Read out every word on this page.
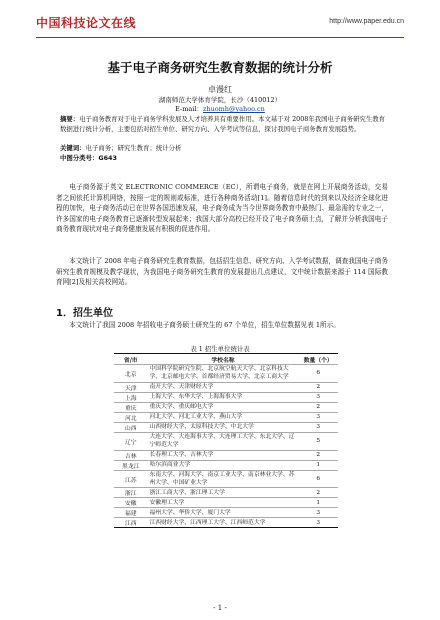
中国科技论文在线	http://www.paper.edu.cn
基于电子商务研究生教育数据的统计分析
卓漫红
湖南师范大学体育学院，长沙（410012）
E-mail：zhuomh@yahoo.cn
摘要：电子商务教育对于电子商务学科发展及人才培养具有重要作用。本文基于对 2008年我国电子商务研究生教育数据进行统计分析，主要包括对招生单位、研究方向、入学考试等信息，探讨我国电子商务教育发展趋势。
关键词：电子商务；研究生教育；统计分析
中图分类号：G643
电子商务源于英文 ELECTRONIC COMMERCE（EC），所谓电子商务，就是在网上开展商务活动，交易者之间依托计算机网络，按照一定的规则或标准，进行各种商务活动[1]。随着信息时代的到来以及经济全球化进程的加快，电子商务活动已在世界各国迅速发展，电子商务成为当今世界商务教育中最热门、最急需的专业之一，许多国家的电子商务教育已逐渐转型发展起来；我国大部分高校已经开设了电子商务硕士点，了解并分析我国电子商务教育现状对电子商务健康发展有积极的促进作用。
本文统计了 2008 年电子商务研究生教育数据，包括招生信息、研究方向、入学考试数据，调查我国电子商务研究生教育规模及教学现状，为我国电子商务研究生教育的发展提出几点建议，文中统计数据来源于 114 国际教育网[2]及相关高校网站。
1．招生单位
本文统计了我国 2008 年招收电子商务硕士研究生的 67 个单位，招生单位数据见表 1所示。
表 1 招生单位统计表
省/市	学校名称	数量（个）
北京	中国科学院研究生院、北京航空航天大学、北京科技大学、北京邮电大学、首都经济贸易大学、北京工商大学	6
天津	南开大学、天津财经大学	2
上海	上海大学、东华大学、上海海事大学	3
重庆	重庆大学、重庆邮电大学	2
河北	河北大学、河北工业大学、燕山大学	3
山西	山西财经大学、太原科技大学、中北大学	3
辽宁	大连大学、大连海事大学、大连理工大学、东北大学、辽宁师范大学	5
吉林	长春理工大学、吉林大学	2
黑龙江	哈尔滨商业大学	1
江苏	东南大学、河海大学、南京工业大学、南京林业大学、苏州大学、中国矿业大学	6
浙江	浙江工商大学、浙江理工大学	2
安徽	安徽理工大学	1
福建	福州大学、华侨大学、厦门大学	3
江西	江西财经大学、江西理工大学、江西师范大学	3
- 1 -
